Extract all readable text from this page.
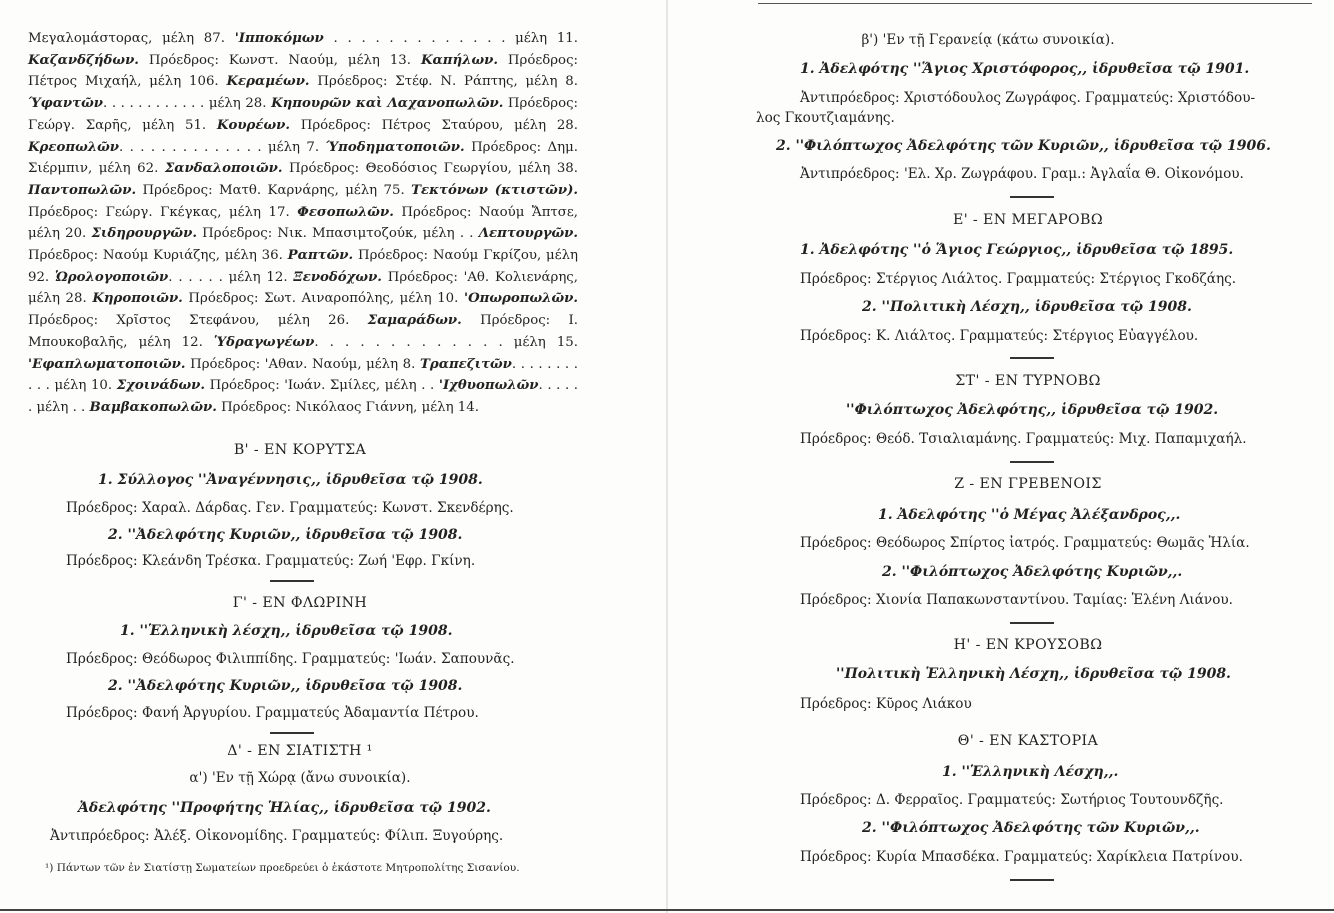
Μεγαλομάστορας, μέλη 87. 'Ιπποκόμων . . . . . . . . . . . . . μέλη 11. Καζανδζήδων. Πρόεδρος: Κωνστ. Ναούμ, μέλη 13. Καπήλων. Πρόεδρος: Πέτρος Μιχαήλ, μέλη 106. Κεραμέων. Πρόεδρος: Στέφ. Ν. Ράπτης, μέλη 8. Ύφαντῶν. . . . . . . . . . . . μέλη 28. Κηπουρῶν καὶ Λαχανοπωλῶν. Πρόεδρος: Γεώργ. Σαρῆς, μέλη 51. Κουρέων. Πρόεδρος: Πέτρος Σταύρου, μέλη 28. Κρεοπωλῶν. . . . . . . . . . . . . . μέλη 7. Ύποδηματοποιῶν. Πρόεδρος: Δημ. Σιέρμπιν, μέλη 62. Σανδαλοποιῶν. Πρόεδρος: Θεοδόσιος Γεωργίου, μέλη 38. Παντοπωλῶν. Πρόεδρος: Ματθ. Καρνάρης, μέλη 75. Τεκτόνων (κτιστῶν). Πρόεδρος: Γεώργ. Γκέγκας, μέλη 17. Φεσοπωλῶν. Πρόεδρος: Ναούμ Ἄπτσε, μέλη 20. Σιδηρουργῶν. Πρόεδρος: Νικ. Μπασιμτοζούκ, μέλη . . Λεπτουργῶν. Πρόεδρος: Ναούμ Κυριάζης, μέλη 36. Ραπτῶν. Πρόεδρος: Ναούμ Γκρίζου, μέλη 92. Ὡρολογοποιῶν. . . . . . μέλη 12. Ξενοδόχων. Πρόεδρος: 'Αθ. Κολιενάρης, μέλη 28. Κηροποιῶν. Πρόεδρος: Σωτ. Αιναροπόλης, μέλη 10. 'Οπωροπωλῶν. Πρόεδρος: Χρῖστος Στεφάνου, μέλη 26. Σαμαράδων. Πρόεδρος: Ι. Μπουκοβαλῆς, μέλη 12. Ὑδραγωγέων. . . . . . . . . . . . . μέλη 15. 'Εφαπλωματοποιῶν. Πρόεδρος: 'Αθαν. Ναούμ, μέλη 8. Τραπεζιτῶν. . . . . . . . . . . μέλη 10. Σχοινάδων. Πρόεδρος: 'Ιωάν. Σμίλες, μέλη . . 'Ιχθυοπωλῶν. . . . . . μέλη . . Βαμβακοπωλῶν. Πρόεδρος: Νικόλαος Γιάννη, μέλη 14.
Β' - ΕΝ ΚΟΡΥΤΣΑ
1. Σύλλογος ''Ἀναγέννησις,, ἱδρυθεῖσα τῷ 1908.
Πρόεδρος: Χαραλ. Δάρδας. Γεν. Γραμματεύς: Κωνστ. Σκενδέρης.
2. ''Ἀδελφότης Κυριῶν,, ἱδρυθεῖσα τῷ 1908.
Πρόεδρος: Κλεάνδη Τρέσκα. Γραμματεύς: Ζωή 'Εφρ. Γκίνη.
Γ' - ΕΝ ΦΛΩΡΙΝΗ
1. ''Ἑλληνικὴ λέσχη,, ἱδρυθεῖσα τῷ 1908.
Πρόεδρος: Θεόδωρος Φιλιππίδης. Γραμματεύς: 'Ιωάν. Σαπουνᾶς.
2. ''Ἀδελφότης Κυριῶν,, ἱδρυθεῖσα τῷ 1908.
Πρόεδρος: Φανή Ἀργυρίου. Γραμματεύς Ἀδαμαντία Πέτρου.
Δ' - ΕΝ ΣΙΑΤΙΣΤΗ ¹
α') 'Εν τῇ Χώρᾳ (ἄνω συνοικία).
Ἀδελφότης ''Προφήτης Ἡλίας,, ἱδρυθεῖσα τῷ 1902.
Ἀντιπρόεδρος: Ἀλέξ. Οἰκονομίδης. Γραμματεύς: Φίλιπ. Ξυγούρης.
¹) Πάντων τῶν ἐν Σιατίστῃ Σωματείων προεδρεύει ὁ ἑκάστοτε Μητροπολίτης Σισανίου.
β') 'Εν τῇ Γερανείᾳ (κάτω συνοικία).
1. Ἀδελφότης ''Ἅγιος Χριστόφορος,, ἱδρυθεῖσα τῷ 1901.
Ἀντιπρόεδρος: Χριστόδουλος Ζωγράφος. Γραμματεύς: Χριστόδου-
λος Γκουτζιαμάνης.
2. ''Φιλόπτωχος Ἀδελφότης τῶν Κυριῶν,, ἱδρυθεῖσα τῷ 1906.
Ἀντιπρόεδρος: 'Ελ. Χρ. Ζωγράφου. Γραμ.: Ἀγλαΐα Θ. Οἰκονόμου.
Ε' - ΕΝ ΜΕΓΑΡΟΒΩ
1. Ἀδελφότης ''ὁ Ἅγιος Γεώργιος,, ἱδρυθεῖσα τῷ 1895.
Πρόεδρος: Στέργιος Λιάλτος. Γραμματεύς: Στέργιος Γκοδζάης.
2. ''Πολιτικὴ Λέσχη,, ἱδρυθεῖσα τῷ 1908.
Πρόεδρος: Κ. Λιάλτος. Γραμματεύς: Στέργιος Εὐαγγέλου.
ΣΤ' - ΕΝ ΤΥΡΝΟΒΩ
''Φιλόπτωχος Ἀδελφότης,, ἱδρυθεῖσα τῷ 1902.
Πρόεδρος: Θεόδ. Τσιαλιαμάνης. Γραμματεύς: Μιχ. Παπαμιχαήλ.
Ζ - ΕΝ ΓΡΕΒΕΝΟΙΣ
1. Ἀδελφότης ''ὁ Μέγας Ἀλέξανδρος,,.
Πρόεδρος: Θεόδωρος Σπίρτος ἰατρός. Γραμματεύς: Θωμᾶς Ἠλία.
2. ''Φιλόπτωχος Ἀδελφότης Κυριῶν,,.
Πρόεδρος: Χιονία Παπακωνσταντίνου. Ταμίας: Ἑλένη Λιάνου.
Η' - ΕΝ ΚΡΟΥΣΟΒΩ
''Πολιτικὴ Ἑλληνικὴ Λέσχη,, ἱδρυθεῖσα τῷ 1908.
Πρόεδρος: Κῦρος Λιάκου
Θ' - ΕΝ ΚΑΣΤΟΡΙΑ
1. ''Ἑλληνικὴ Λέσχη,,.
Πρόεδρος: Δ. Φερραῖος. Γραμματεύς: Σωτήριος Τουτουνδζῆς.
2. ''Φιλόπτωχος Ἀδελφότης τῶν Κυριῶν,,.
Πρόεδρος: Κυρία Μπασδέκα. Γραμματεύς: Χαρίκλεια Πατρίνου.
